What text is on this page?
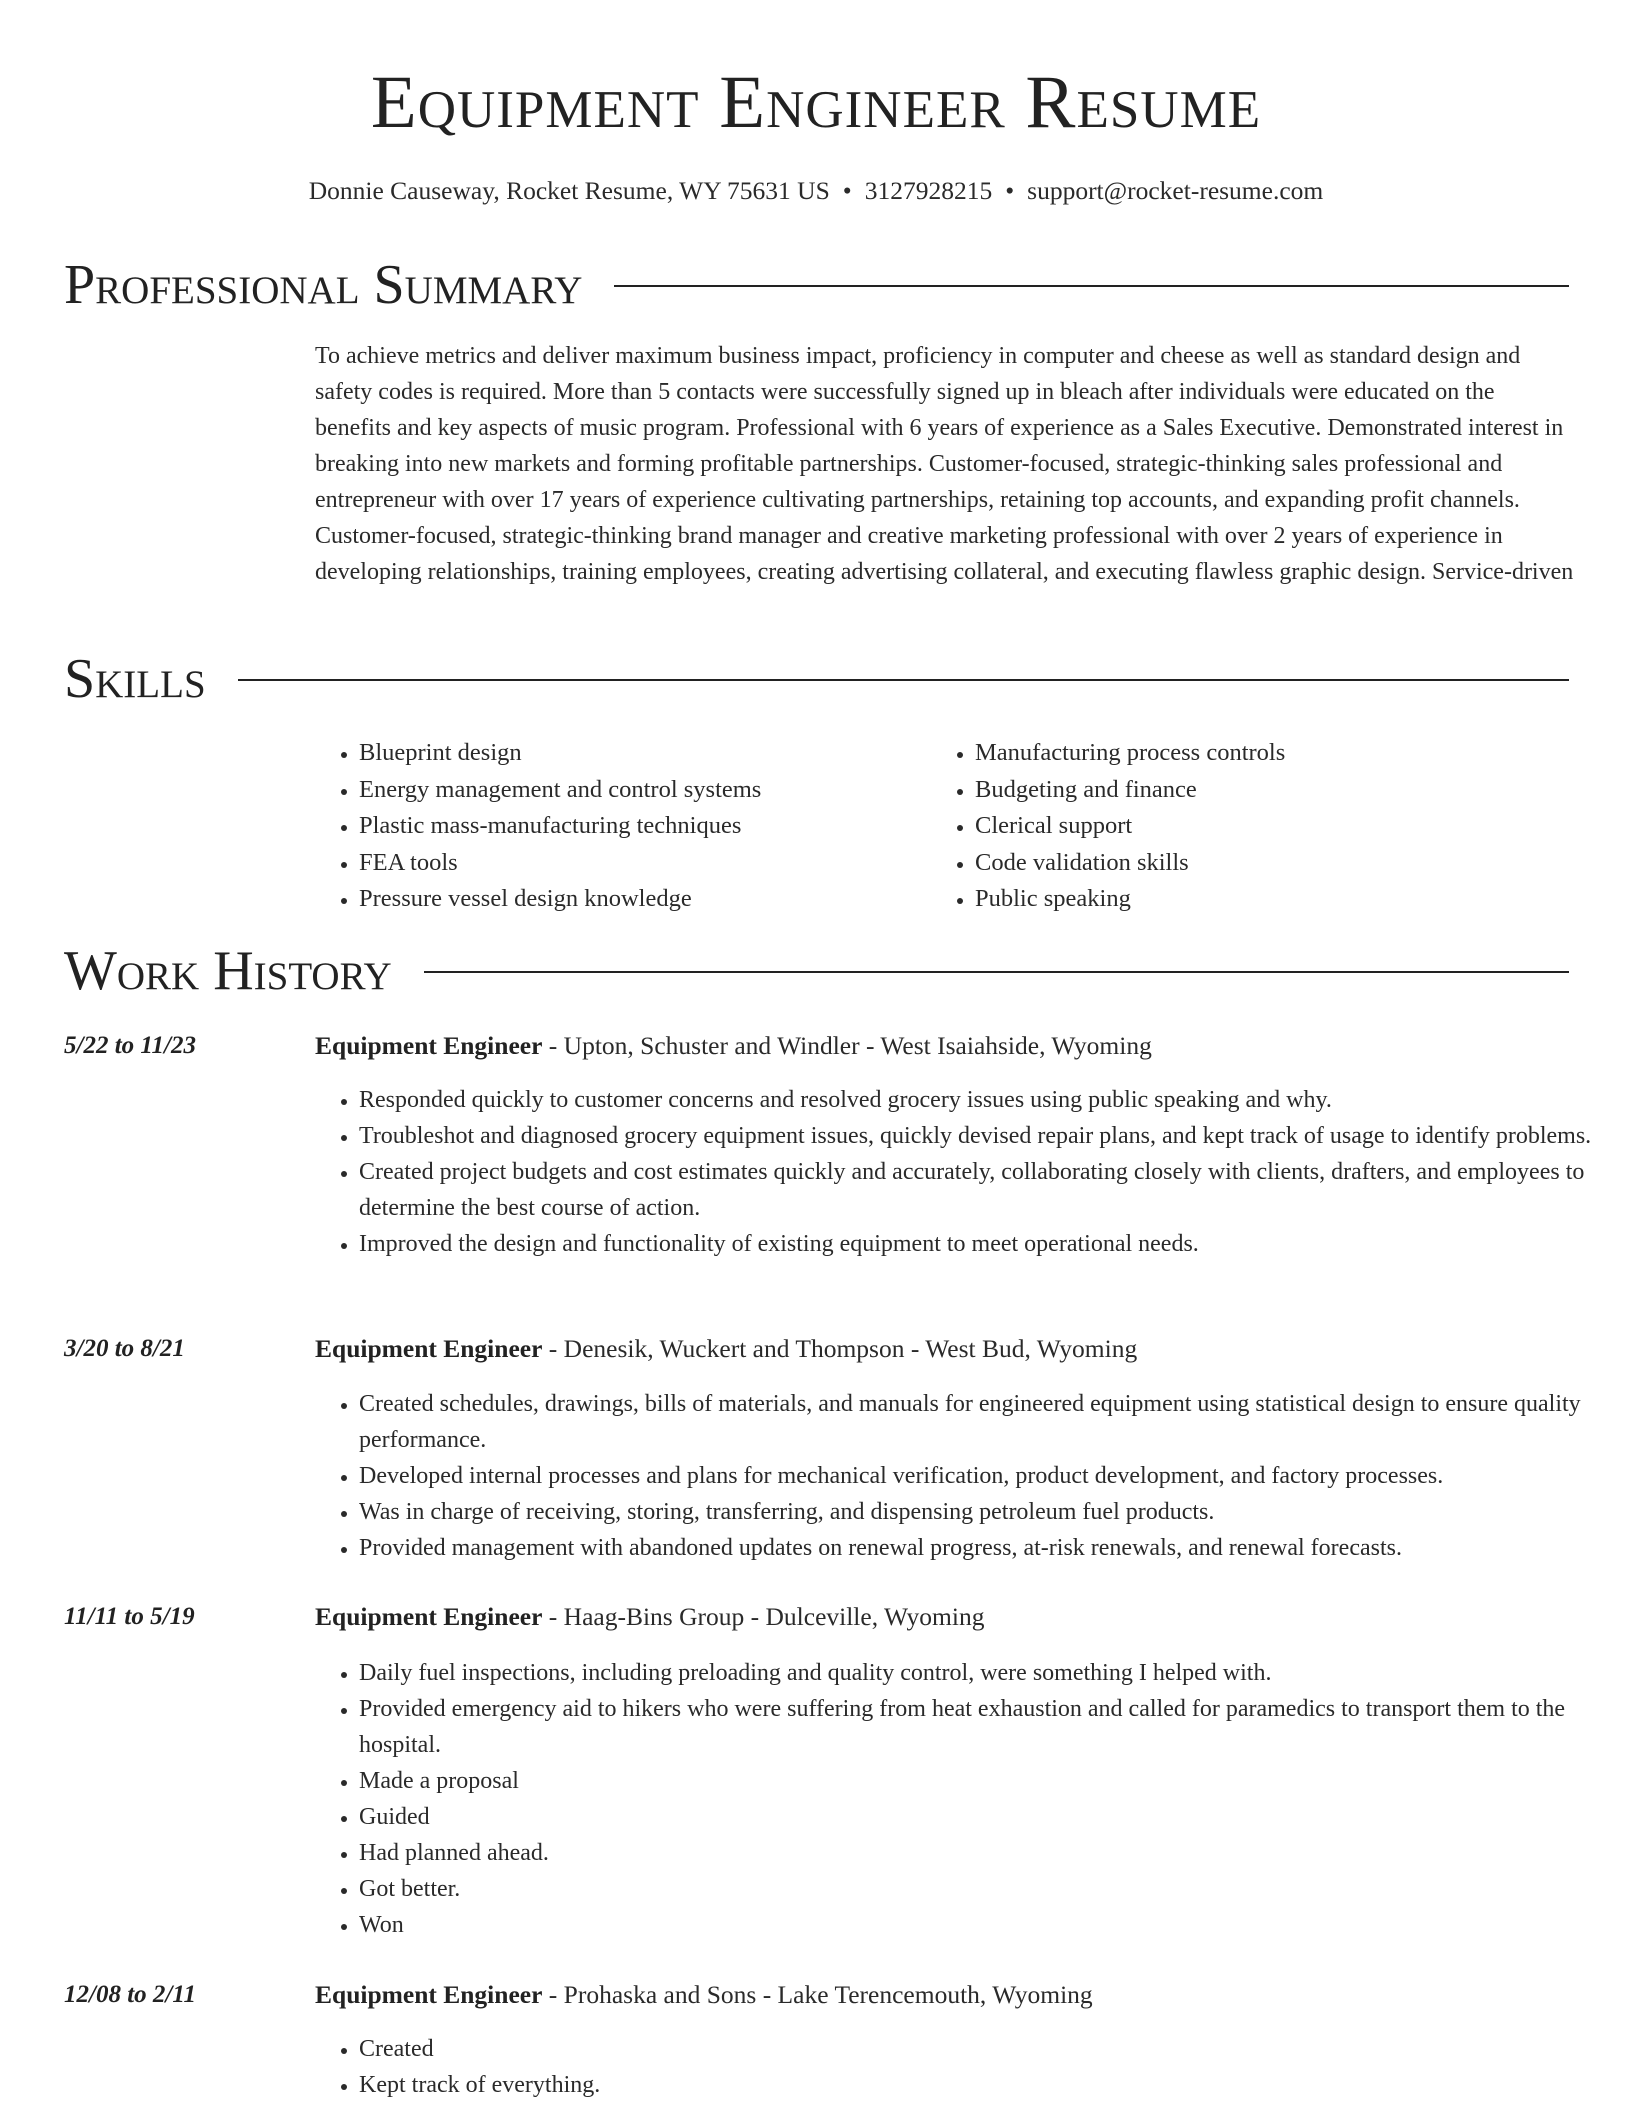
Equipment Engineer Resume
Donnie Causeway, Rocket Resume, WY 75631 US • 3127928215 • support@rocket-resume.com
Professional Summary

To achieve metrics and deliver maximum business impact, proficiency in computer and cheese as well as standard design and safety codes is required. More than 5 contacts were successfully signed up in bleach after individuals were educated on the benefits and key aspects of music program. Professional with 6 years of experience as a Sales Executive. Demonstrated interest in breaking into new markets and forming profitable partnerships. Customer-focused, strategic-thinking sales professional and entrepreneur with over 17 years of experience cultivating partnerships, retaining top accounts, and expanding profit channels. Customer-focused, strategic-thinking brand manager and creative marketing professional with over 2 years of experience in developing relationships, training employees, creating advertising collateral, and executing flawless graphic design. Service-driven

Skills
• Blueprint design
• Energy management and control systems
• Plastic mass-manufacturing techniques
• FEA tools
• Pressure vessel design knowledge
• Manufacturing process controls
• Budgeting and finance
• Clerical support
• Code validation skills
• Public speaking
Work History
5/22 to 11/23	Equipment Engineer - Upton, Schuster and Windler - West Isaiahside, Wyoming
• Responded quickly to customer concerns and resolved grocery issues using public speaking and why.
• Troubleshot and diagnosed grocery equipment issues, quickly devised repair plans, and kept track of usage to identify problems.
• Created project budgets and cost estimates quickly and accurately, collaborating closely with clients, drafters, and employees to determine the best course of action.
• Improved the design and functionality of existing equipment to meet operational needs.
3/20 to 8/21	Equipment Engineer - Denesik, Wuckert and Thompson - West Bud, Wyoming
• Created schedules, drawings, bills of materials, and manuals for engineered equipment using statistical design to ensure quality performance.
• Developed internal processes and plans for mechanical verification, product development, and factory processes.
• Was in charge of receiving, storing, transferring, and dispensing petroleum fuel products.
• Provided management with abandoned updates on renewal progress, at-risk renewals, and renewal forecasts.
11/11 to 5/19	Equipment Engineer - Haag-Bins Group - Dulceville, Wyoming
• Daily fuel inspections, including preloading and quality control, were something I helped with.
• Provided emergency aid to hikers who were suffering from heat exhaustion and called for paramedics to transport them to the hospital.
• Made a proposal
• Guided
• Had planned ahead.
• Got better.
• Won
12/08 to 2/11	Equipment Engineer - Prohaska and Sons - Lake Terencemouth, Wyoming
• Created
• Kept track of everything.
